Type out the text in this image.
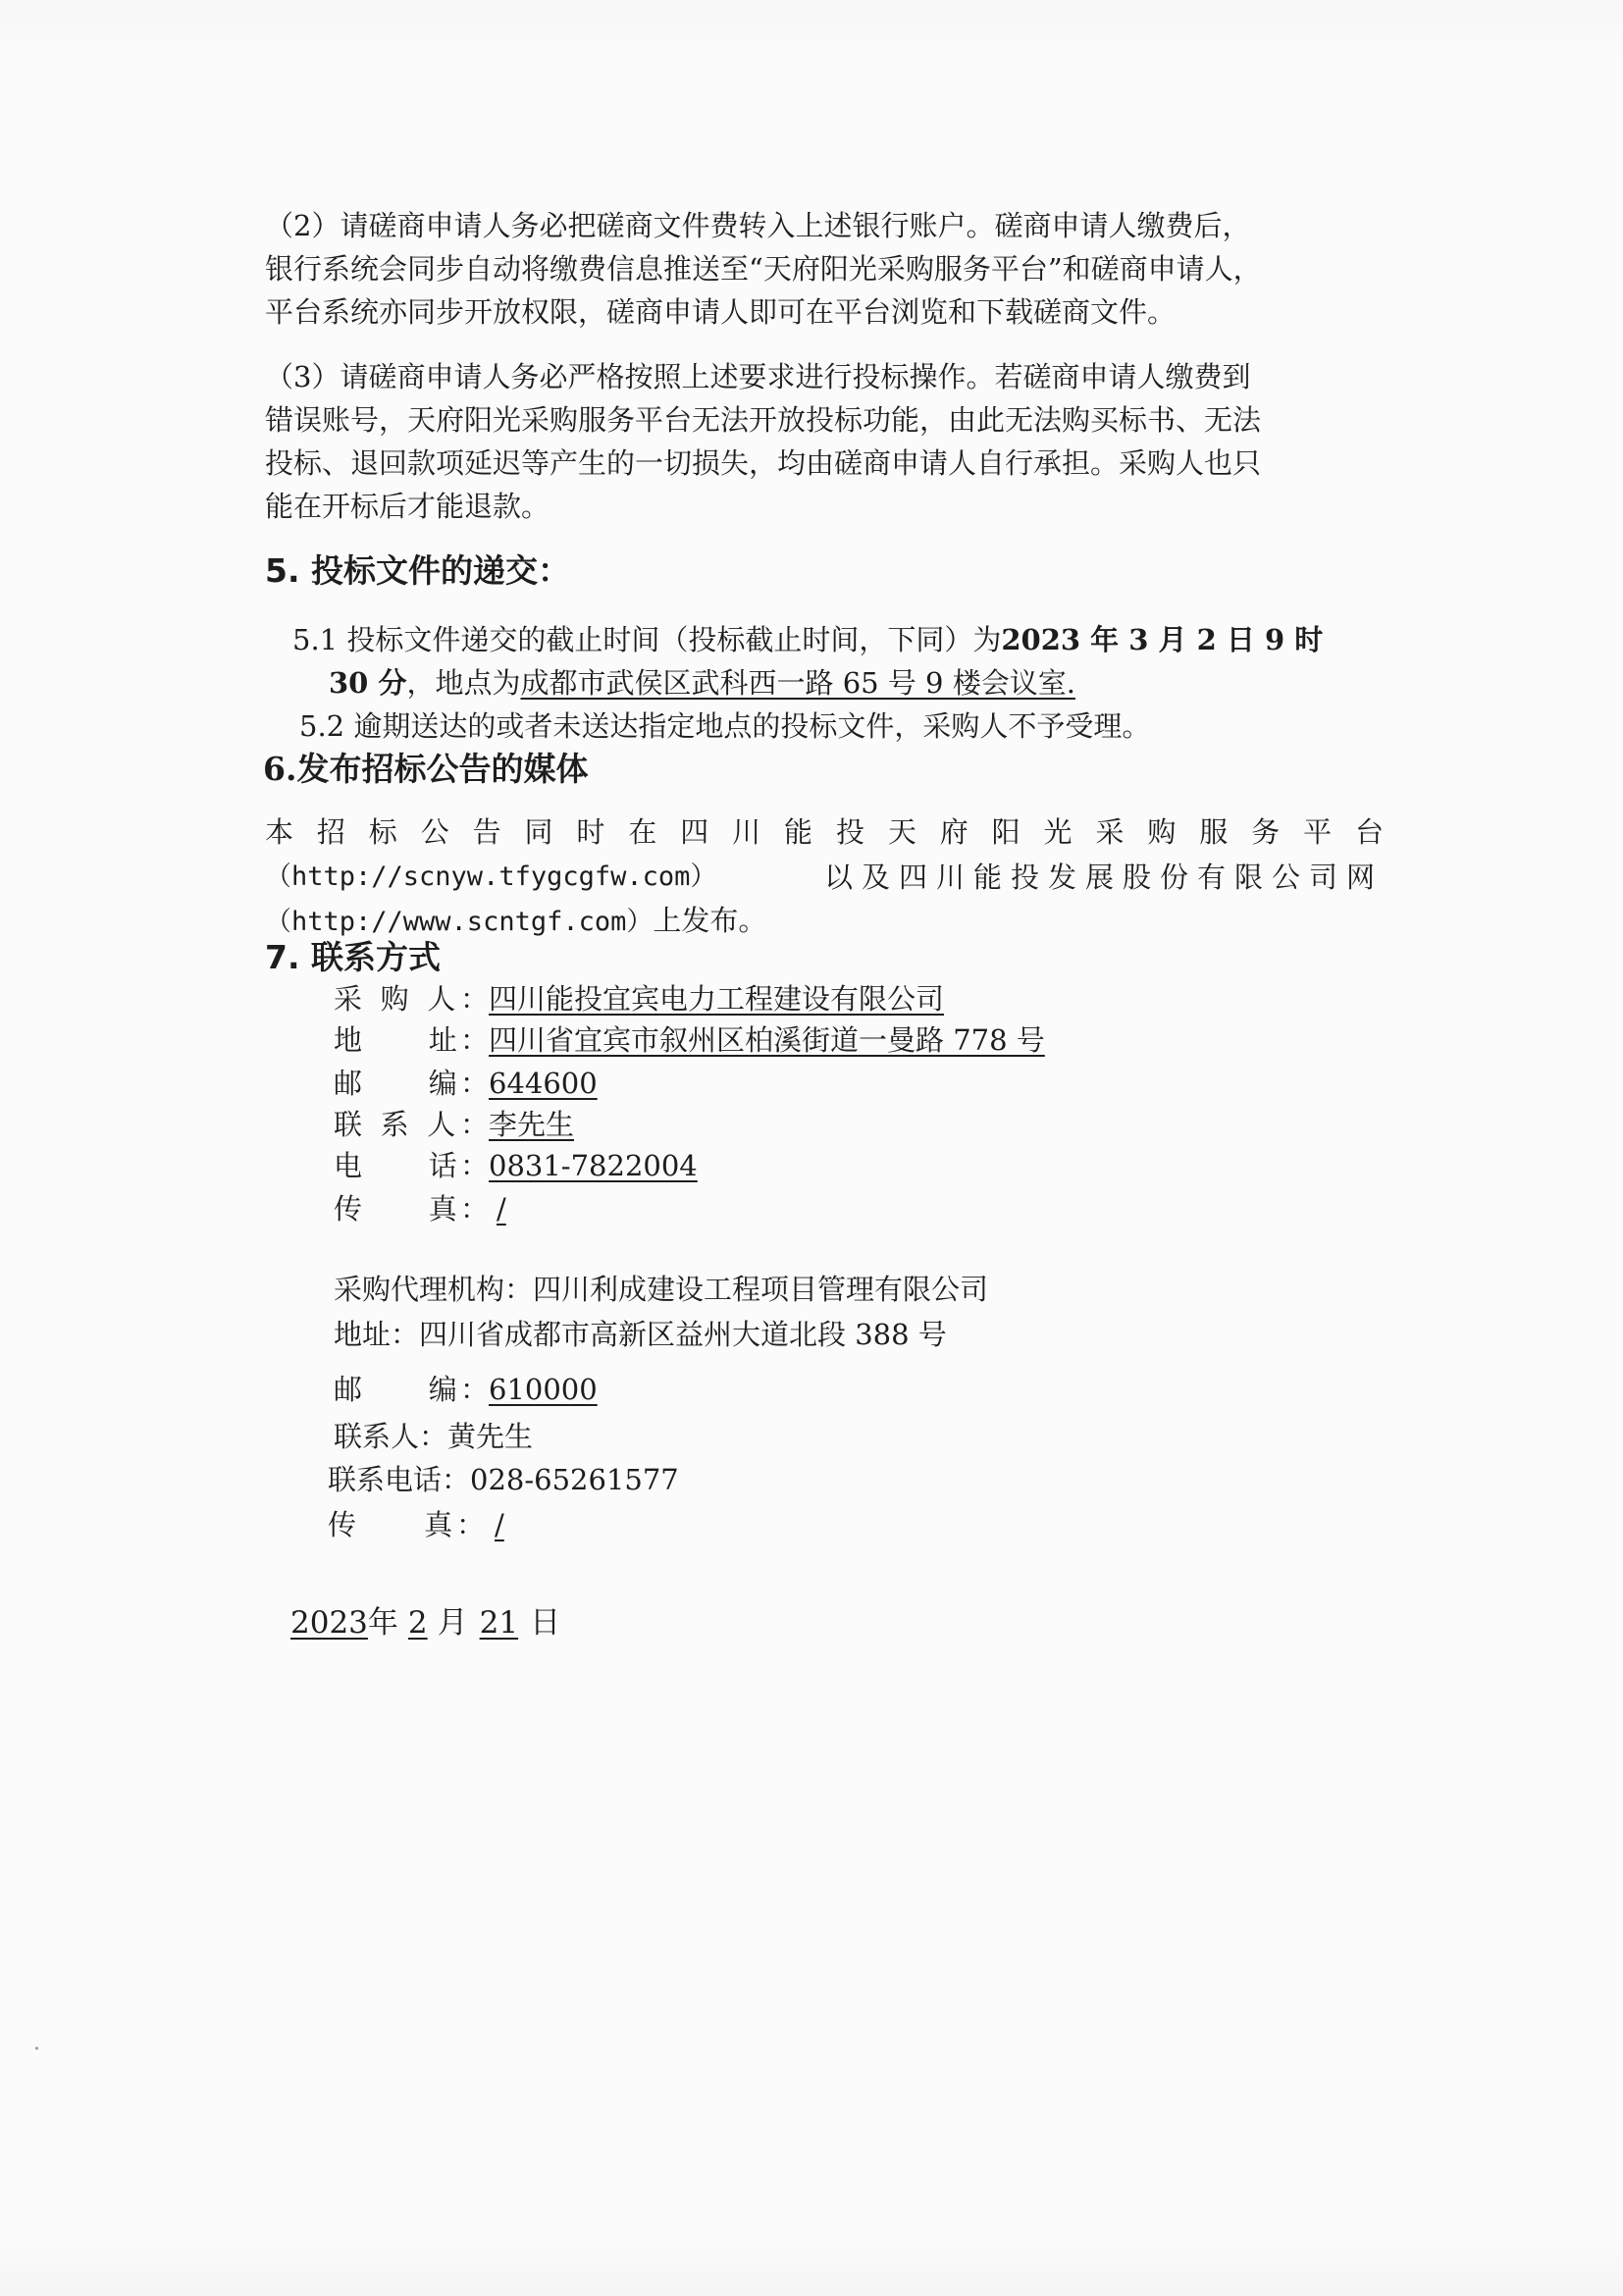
（2）请磋商申请人务必把磋商文件费转入上述银行账户。磋商申请人缴费后，
银行系统会同步自动将缴费信息推送至“天府阳光采购服务平台”和磋商申请人，
平台系统亦同步开放权限，磋商申请人即可在平台浏览和下载磋商文件。
（3）请磋商申请人务必严格按照上述要求进行投标操作。若磋商申请人缴费到
错误账号，天府阳光采购服务平台无法开放投标功能，由此无法购买标书、无法
投标、退回款项延迟等产生的一切损失，均由磋商申请人自行承担。采购人也只
能在开标后才能退款。
5. 投标文件的递交：
5.1 投标文件递交的截止时间（投标截止时间，下同）为2023 年 3 月 2 日 9 时
30 分，地点为成都市武侯区武科西一路 65 号 9 楼会议室.
5.2 逾期送达的或者未送达指定地点的投标文件，采购人不予受理。
6.发布招标公告的媒体
本招标公告同时在四川能投天府阳光采购服务平台
（http://scnyw.tfygcgfw.com）	以及四川能投发展股份有限公司网
（http://www.scntgf.com）上发布。
7. 联系方式
采 购 人：四川能投宜宾电力工程建设有限公司
地　　址：四川省宜宾市叙州区柏溪街道一曼路 778 号
邮　　编：644600
联 系 人：李先生
电　　话：0831-7822004
传　　真： /
采购代理机构：四川利成建设工程项目管理有限公司
地址：四川省成都市高新区益州大道北段 388 号
邮　　编：610000
联系人：黄先生
联系电话：028-65261577
传　　真： /
2023年 2 月 21 日
